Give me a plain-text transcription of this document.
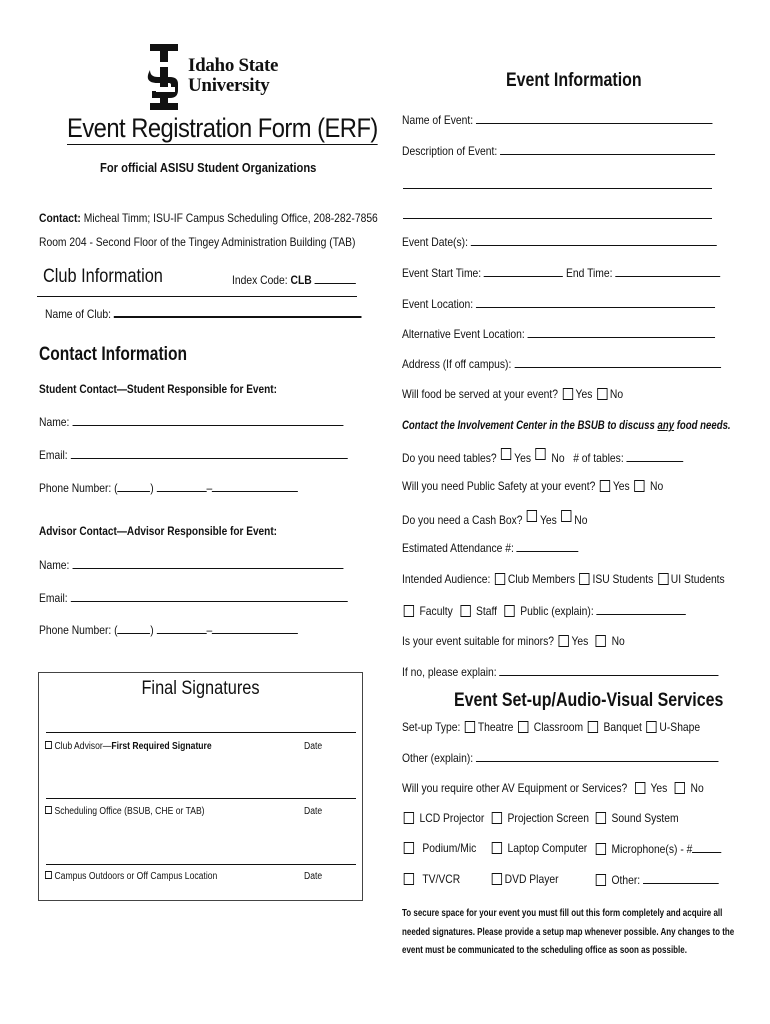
Idaho State
University
Event Registration Form (ERF)
For official ASISU Student Organizations
Contact: Micheal Timm; ISU-IF Campus Scheduling Office, 208-282-7856
Room 204 - Second Floor of the Tingey Administration Building (TAB)
Club Information	Index Code: CLB
Name of Club:
Contact Information
Student Contact—Student Responsible for Event:
Name:
Email:
Phone Number: (	)	–
Advisor Contact—Advisor Responsible for Event:
Name:
Email:
Phone Number: (	)	–
Final Signatures
Club Advisor—First Required Signature	Date
Scheduling Office (BSUB, CHE or TAB)	Date
Campus Outdoors or Off Campus Location	Date
Event Information
Name of Event:
Description of Event:
Event Date(s):
Event Start Time:	End Time:
Event Location:
Alternative Event Location:
Address (If off campus):
Will food be served at your event? Yes No
Contact the Involvement Center in the BSUB to discuss any food needs.
Do you need tables? Yes No # of tables:
Will you need Public Safety at your event? Yes No
Do you need a Cash Box? Yes No
Estimated Attendance #:
Intended Audience: Club Members ISU Students UI Students
Faculty Staff Public (explain):
Is your event suitable for minors? Yes No
If no, please explain:
Event Set-up/Audio-Visual Services
Set-up Type: Theatre Classroom Banquet U-Shape
Other (explain):
Will you require other AV Equipment or Services? Yes No
LCD Projector	Projection Screen	Sound System
Podium/Mic	Laptop Computer	Microphone(s) - #
TV/VCR	DVD Player	Other:
To secure space for your event you must fill out this form completely and acquire all
needed signatures. Please provide a setup map whenever possible. Any changes to the
event must be communicated to the scheduling office as soon as possible.
